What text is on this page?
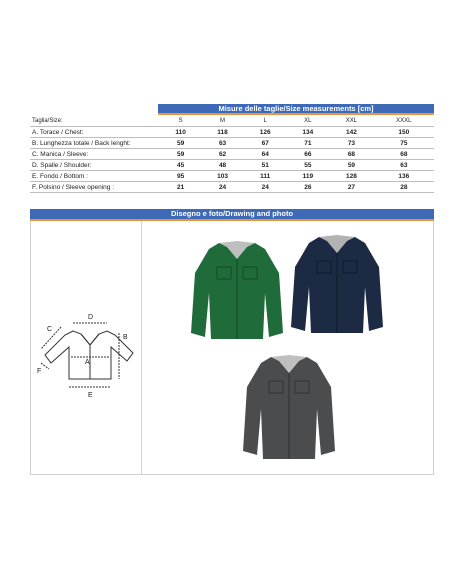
Misure delle taglie/Size measurements [cm]
Taglia/Size:	S	M	L	XL	XXL	XXXL
A. Torace / Chest:	110	118	126	134	142	150
B. Lunghezza totale / Back lenght:	59	63	67	71	73	75
C. Manica / Sleeve:	59	62	64	66	68	68
D. Spalle / Shoulder:	45	48	51	55	59	63
E. Fondo / Bottom :	95	103	111	119	128	136
F. Polsino / Sleeve opening :	21	24	24	26	27	28
Disegno e foto/Drawing and photo
D
B
A
E
C
F
